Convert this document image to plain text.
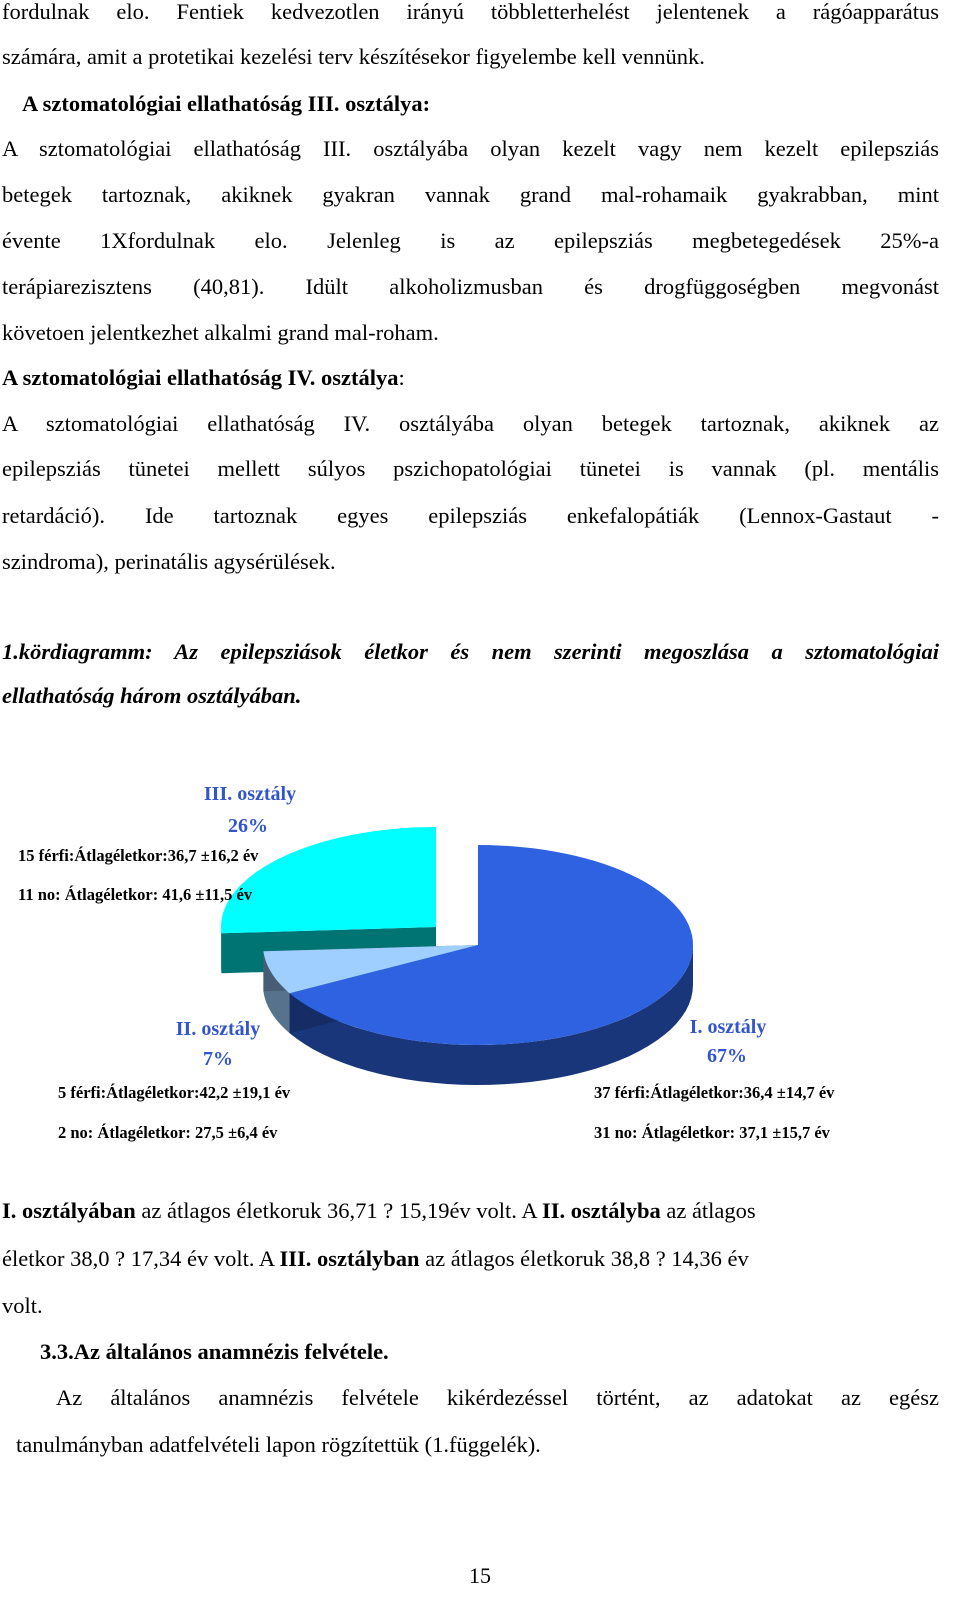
fordulnak elo. Fentiek kedvezotlen irányú többletterhelést jelentenek a rágóapparátus
számára, amit a protetikai kezelési terv készítésekor figyelembe kell vennünk.
A sztomatológiai ellathatóság III. osztálya:
A sztomatológiai ellathatóság III. osztályába olyan kezelt vagy nem kezelt epilepsziás
betegek tartoznak, akiknek gyakran vannak grand mal-rohamaik gyakrabban, mint
évente 1Xfordulnak elo. Jelenleg is az epilepsziás megbetegedések 25%-a
terápiarezisztens (40,81). Idült alkoholizmusban és drogfüggoségben megvonást
követoen jelentkezhet alkalmi grand mal-roham.
A sztomatológiai ellathatóság IV. osztálya:
A sztomatológiai ellathatóság IV. osztályába olyan betegek tartoznak, akiknek az
epilepsziás tünetei mellett súlyos pszichopatológiai tünetei is vannak (pl. mentális
retardáció). Ide tartoznak egyes epilepsziás enkefalopátiák (Lennox-Gastaut -
szindroma), perinatális agysérülések.
1.kördiagramm: Az epilepsziások életkor és nem szerinti megoszlása a sztomatológiai
ellathatóság három osztályában.
III. osztály
26%
15 férfi:Átlagéletkor:36,7 ±16,2 év
11 no: Átlagéletkor: 41,6 ±11,5 év
II. osztály
7%
5 férfi:Átlagéletkor:42,2 ±19,1 év
2 no: Átlagéletkor: 27,5 ±6,4 év
I. osztály
67%
37 férfi:Átlagéletkor:36,4 ±14,7 év
31 no: Átlagéletkor: 37,1 ±15,7 év
I. osztályában az átlagos életkoruk 36,71 ? 15,19év volt. A II. osztályba az átlagos
életkor 38,0 ? 17,34 év volt. A III. osztályban az átlagos életkoruk 38,8 ? 14,36 év
volt.
3.3.Az általános anamnézis felvétele.
Az általános anamnézis felvétele kikérdezéssel történt, az adatokat az egész
tanulmányban adatfelvételi lapon rögzítettük (1.függelék).
15
